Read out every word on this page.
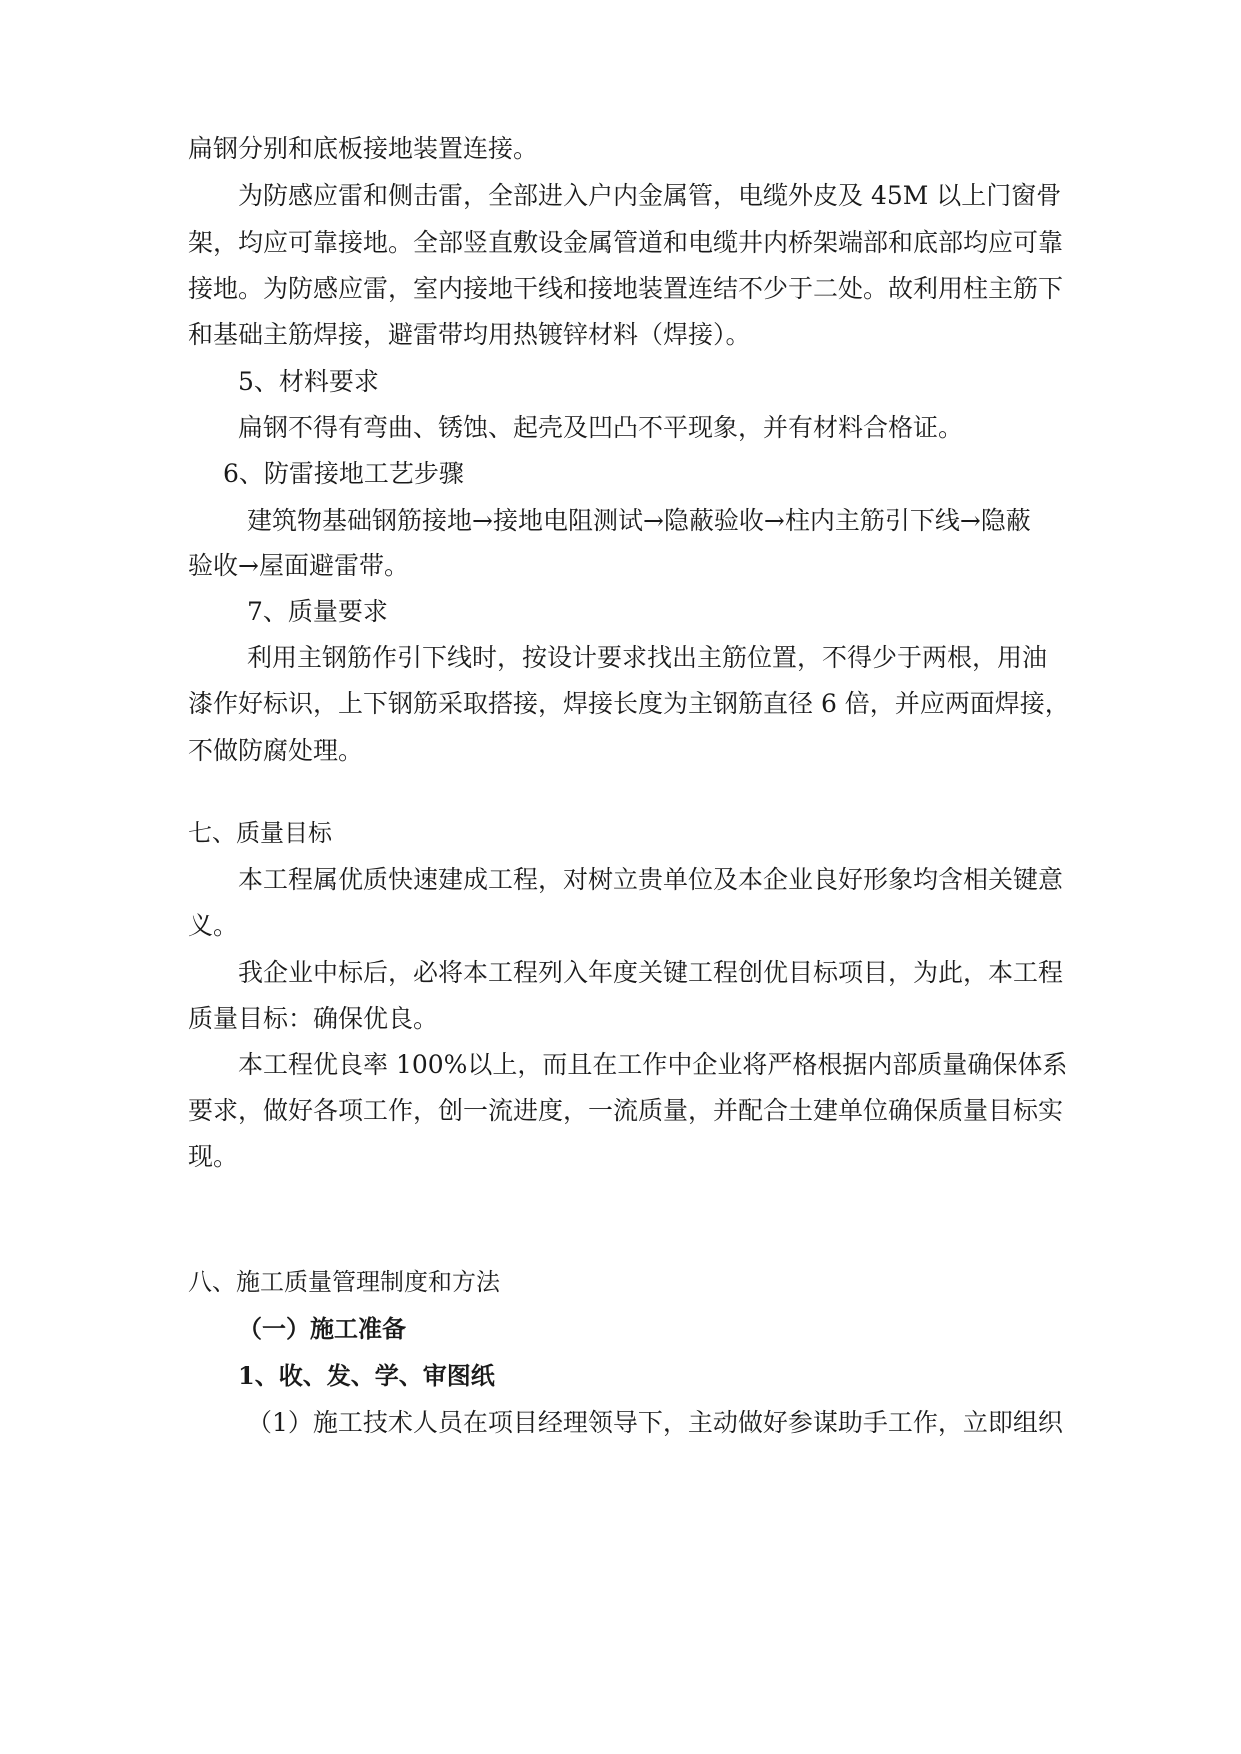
扁钢分别和底板接地装置连接。

为防感应雷和侧击雷，全部进入户内金属管，电缆外皮及 45M 以上门窗骨

架，均应可靠接地。全部竖直敷设金属管道和电缆井内桥架端部和底部均应可靠

接地。为防感应雷，室内接地干线和接地装置连结不少于二处。故利用柱主筋下

和基础主筋焊接，避雷带均用热镀锌材料（焊接）。

5、材料要求

扁钢不得有弯曲、锈蚀、起壳及凹凸不平现象，并有材料合格证。

6、防雷接地工艺步骤

建筑物基础钢筋接地→接地电阻测试→隐蔽验收→柱内主筋引下线→隐蔽

验收→屋面避雷带。

7、质量要求

利用主钢筋作引下线时，按设计要求找出主筋位置，不得少于两根，用油

漆作好标识，上下钢筋采取搭接，焊接长度为主钢筋直径 6 倍，并应两面焊接，

不做防腐处理。

七、质量目标

本工程属优质快速建成工程，对树立贵单位及本企业良好形象均含相关键意

义。

我企业中标后，必将本工程列入年度关键工程创优目标项目，为此，本工程

质量目标：确保优良。

本工程优良率 100%以上，而且在工作中企业将严格根据内部质量确保体系

要求，做好各项工作，创一流进度，一流质量，并配合土建单位确保质量目标实

现。

八、施工质量管理制度和方法

（一）施工准备

1、收、发、学、审图纸

（1）施工技术人员在项目经理领导下，主动做好参谋助手工作，立即组织
